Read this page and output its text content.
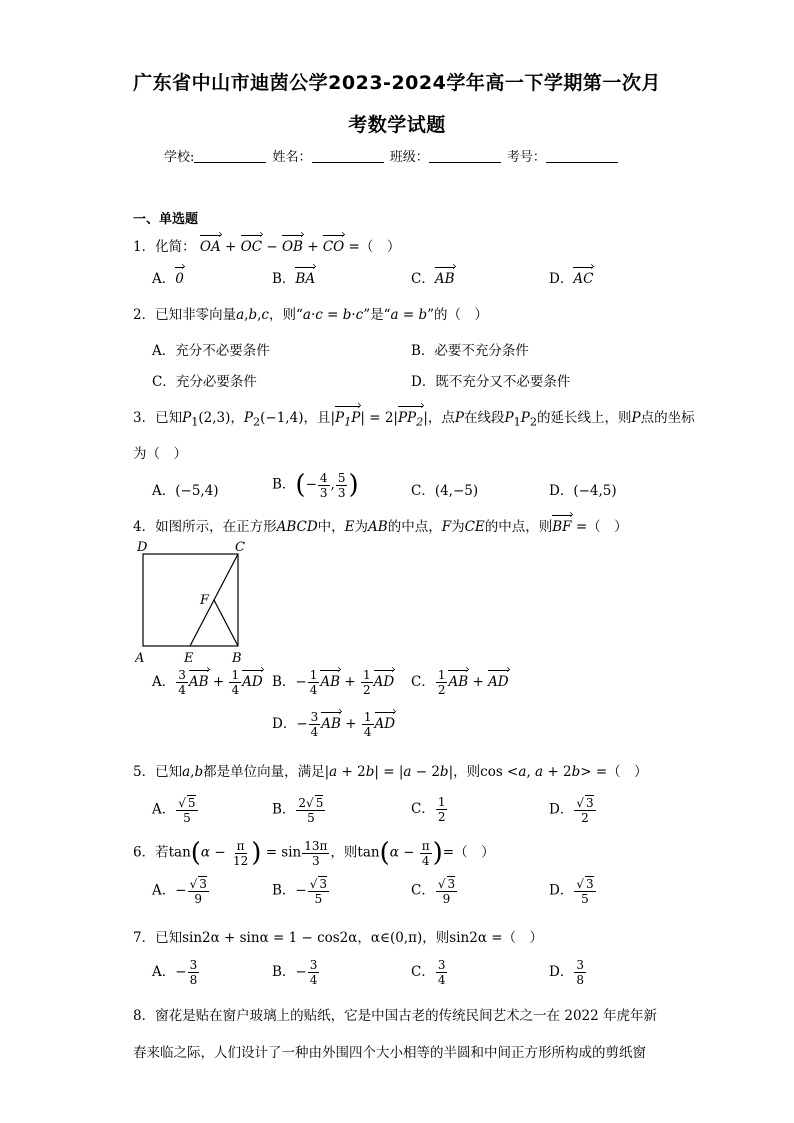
广东省中山市迪茵公学2023-2024学年高一下学期第一次月
考数学试题
学校:	姓名：	班级：	考号：
一、单选题
1．化简： OA + OC − OB + CO =（　）
A．0	B．BA	C．AB	D．AC
2．已知非零向量a,b,c，则“a·c = b·c”是“a = b”的（　）
A．充分不必要条件	B．必要不充分条件
C．充分必要条件	D．既不充分又不必要条件
3．已知$P_1(2,3)$，$P_2(-1,4)$，且$|P_1P| = 2|PP_2|$，点P在线段$P_1P_2$的延长线上，则P点的坐标
为（　）
A．(−5,4)	B．(− $\frac{4}{3}$ , $\frac{5}{3}$ )	C．(4,−5)	D．(−4,5)
4．如图所示，在正方形ABCD中，E为AB的中点，F为CE的中点，则BF =（　）
D	C
F
A	E	B
A． $\frac{3}{4}$ AB + $\frac{1}{4}$ AD B．− $\frac{1}{4}$ AB + $\frac{1}{2}$ AD C． $\frac{1}{2}$ AB + AD
D．− $\frac{3}{4}$ AB + $\frac{1}{4}$ AD
5．已知a,b都是单位向量，满足|a + 2b| = |a − 2b|，则cos <a, a + 2b> =（　）
A． $\frac{√ 5}{5}$	B． $\frac{2√ 5}{5}$	C． $\frac{1}{2}$	D． $\frac{√ 3}{2}$
6．若$\tan(\alpha - \frac{\pi}{12}$ ) = $\sin \frac{13\pi}{3}$ ，则$\tan(\alpha - \frac{\pi}{4}$ )=（　）
A．− $\frac{√ 3}{9}$	B．− $\frac{√ 3}{5}$	C． $\frac{√ 3}{9}$	D． $\frac{√ 3}{5}$
7．已知sin2α + sinα = 1 − cos2α，α∈(0,π)，则sin2α =（　）
A．− $\frac{3}{8}$	B．− $\frac{3}{4}$	C． $\frac{3}{4}$	D． $\frac{3}{8}$
8．窗花是贴在窗户玻璃上的贴纸，它是中国古老的传统民间艺术之一在 2022 年虎年新
春来临之际，人们设计了一种由外围四个大小相等的半圆和中间正方形所构成的剪纸窗
